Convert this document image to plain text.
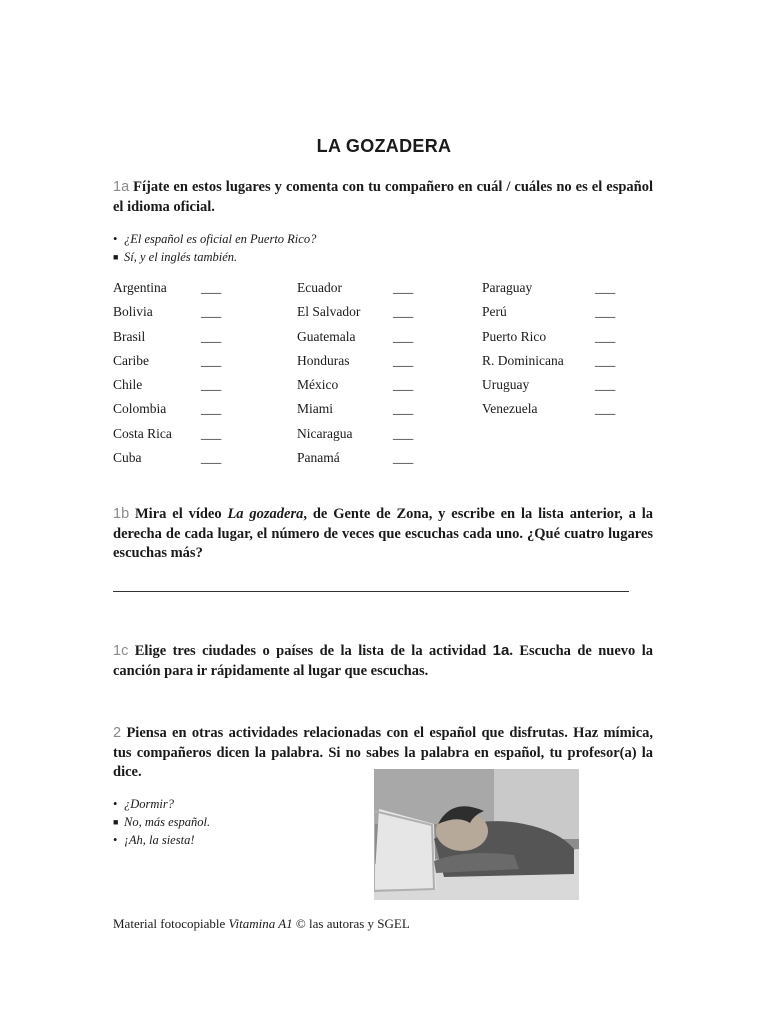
LA GOZADERA
1a Fíjate en estos lugares y comenta con tu compañero en cuál / cuáles no es el español el idioma oficial.
• ¿El español es oficial en Puerto Rico?
■ Sí, y el inglés también.
Argentina	___
Bolivia	___
Brasil	___
Caribe	___
Chile	___
Colombia	___
Costa Rica ___
Cuba	___
Ecuador	___
El Salvador ___
Guatemala	___
Honduras	___
México	___
Miami	___
Nicaragua	___
Panamá	___
Paraguay	___
Perú	___
Puerto Rico	___
R. Dominicana ___
Uruguay	___
Venezuela	___
1b Mira el vídeo La gozadera, de Gente de Zona, y escribe en la lista anterior, a la derecha de cada lugar, el número de veces que escuchas cada uno. ¿Qué cuatro lugares escuchas más?
1c Elige tres ciudades o países de la lista de la actividad 1a. Escucha de nuevo la canción para ir rápidamente al lugar que escuchas.
2 Piensa en otras actividades relacionadas con el español que disfrutas. Haz mímica, tus compañeros dicen la palabra. Si no sabes la palabra en español, tu profesor(a) la dice.
• ¿Dormir?
■ No, más español.
• ¡Ah, la siesta!
Material fotocopiable Vitamina A1 © las autoras y SGEL
